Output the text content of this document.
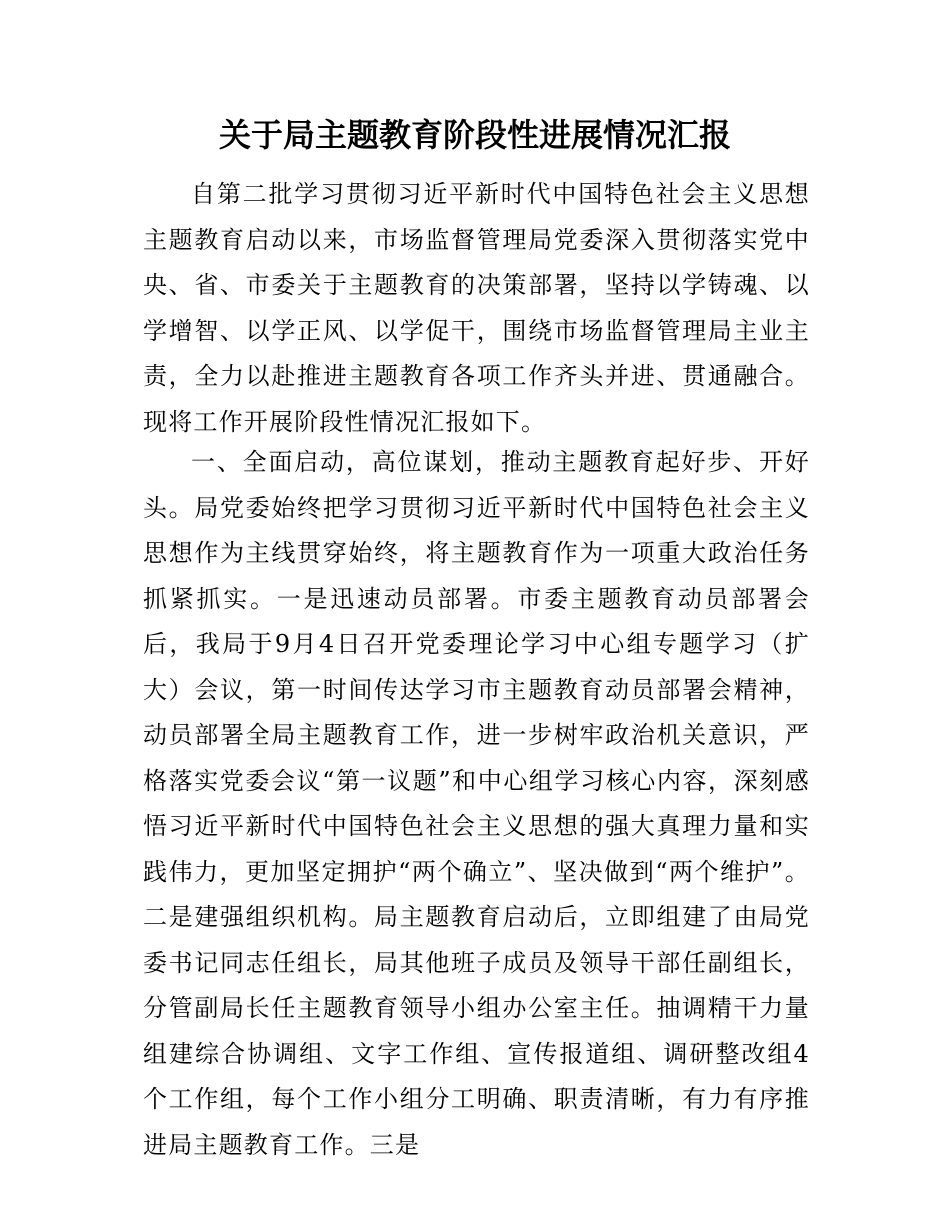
关于局主题教育阶段性进展情况汇报

自第二批学习贯彻习近平新时代中国特色社会主义思想主题教育启动以来，市场监督管理局党委深入贯彻落实党中央、省、市委关于主题教育的决策部署，坚持以学铸魂、以学增智、以学正风、以学促干，围绕市场监督管理局主业主责，全力以赴推进主题教育各项工作齐头并进、贯通融合。现将工作开展阶段性情况汇报如下。

一、全面启动，高位谋划，推动主题教育起好步、开好头。局党委始终把学习贯彻习近平新时代中国特色社会主义思想作为主线贯穿始终，将主题教育作为一项重大政治任务抓紧抓实。一是迅速动员部署。市委主题教育动员部署会后，我局于9月4日召开党委理论学习中心组专题学习（扩大）会议，第一时间传达学习市主题教育动员部署会精神，动员部署全局主题教育工作，进一步树牢政治机关意识，严格落实党委会议“第一议题”和中心组学习核心内容，深刻感悟习近平新时代中国特色社会主义思想的强大真理力量和实践伟力，更加坚定拥护“两个确立”、坚决做到“两个维护”。二是建强组织机构。局主题教育启动后，立即组建了由局党委书记同志任组长，局其他班子成员及领导干部任副组长，分管副局长任主题教育领导小组办公室主任。抽调精干力量组建综合协调组、文字工作组、宣传报道组、调研整改组4个工作组，每个工作小组分工明确、职责清晰，有力有序推进局主题教育工作。三是
